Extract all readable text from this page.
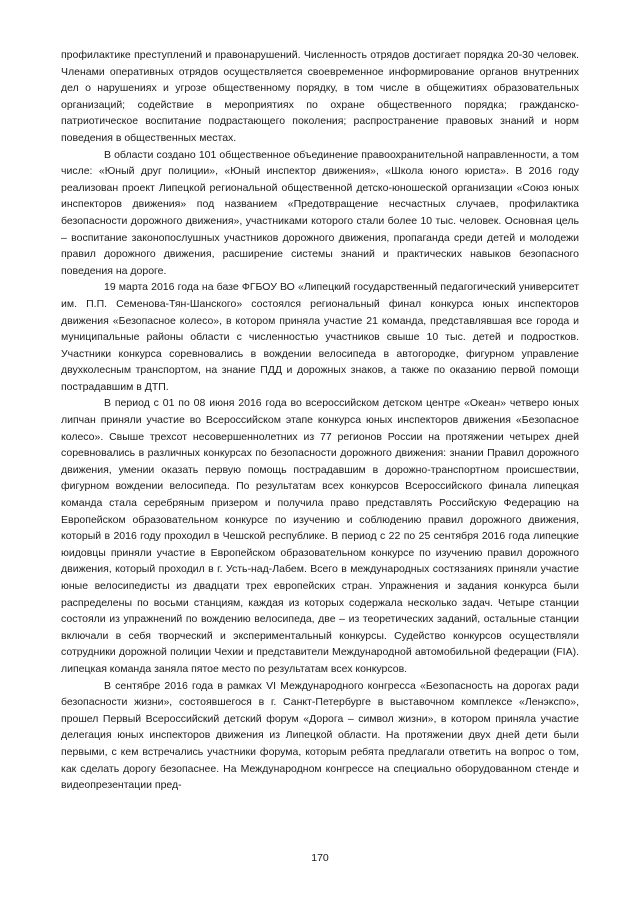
профилактике преступлений и правонарушений. Численность отрядов достигает порядка 20-30 человек. Членами оперативных отрядов осуществляется своевременное информирование органов внутренних дел о нарушениях и угрозе общественному порядку, в том числе в общежитиях образовательных организаций; содействие в мероприятиях по охране общественного порядка; гражданско-патриотическое воспитание подрастающего поколения; распространение правовых знаний и норм поведения в общественных местах.

В области создано 101 общественное объединение правоохранительной направленности, а том числе: «Юный друг полиции», «Юный инспектор движения», «Школа юного юриста». В 2016 году реализован проект Липецкой региональной общественной детско-юношеской организации «Союз юных инспекторов движения» под названием «Предотвращение несчастных случаев, профилактика безопасности дорожного движения», участниками которого стали более 10 тыс. человек. Основная цель – воспитание законопослушных участников дорожного движения, пропаганда среди детей и молодежи правил дорожного движения, расширение системы знаний и практических навыков безопасного поведения на дороге.

19 марта 2016 года на базе ФГБОУ ВО «Липецкий государственный педагогический университет им. П.П. Семенова-Тян-Шанского» состоялся региональный финал конкурса юных инспекторов движения «Безопасное колесо», в котором приняла участие 21 команда, представлявшая все города и муниципальные районы области с численностью участников свыше 10 тыс. детей и подростков. Участники конкурса соревновались в вождении велосипеда в автогородке, фигурном управление двухколесным транспортом, на знание ПДД и дорожных знаков, а также по оказанию первой помощи пострадавшим в ДТП.

В период с 01 по 08 июня 2016 года во всероссийском детском центре «Океан» четверо юных липчан приняли участие во Всероссийском этапе конкурса юных инспекторов движения «Безопасное колесо». Свыше трехсот несовершеннолетних из 77 регионов России на протяжении четырех дней соревновались в различных конкурсах по безопасности дорожного движения: знании Правил дорожного движения, умении оказать первую помощь пострадавшим в дорожно-транспортном происшествии, фигурном вождении велосипеда. По результатам всех конкурсов Всероссийского финала липецкая команда стала серебряным призером и получила право представлять Российскую Федерацию на Европейском образовательном конкурсе по изучению и соблюдению правил дорожного движения, который в 2016 году проходил в Чешской республике. В период с 22 по 25 сентября 2016 года липецкие юидовцы приняли участие в Европейском образовательном конкурсе по изучению правил дорожного движения, который проходил в г. Усть-над-Лабем. Всего в международных состязаниях приняли участие юные велосипедисты из двадцати трех европейских стран. Упражнения и задания конкурса были распределены по восьми станциям, каждая из которых содержала несколько задач. Четыре станции состояли из упражнений по вождению велосипеда, две – из теоретических заданий, остальные станции включали в себя творческий и экспериментальный конкурсы. Судейство конкурсов осуществляли сотрудники дорожной полиции Чехии и представители Международной автомобильной федерации (FIA). липецкая команда заняла пятое место по результатам всех конкурсов.

В сентябре 2016 года в рамках VI Международного конгресса «Безопасность на дорогах ради безопасности жизни», состоявшегося в г. Санкт-Петербурге в выставочном комплексе «Ленэкспо», прошел Первый Всероссийский детский форум «Дорога – символ жизни», в котором приняла участие делегация юных инспекторов движения из Липецкой области. На протяжении двух дней дети были первыми, с кем встречались участники форума, которым ребята предлагали ответить на вопрос о том, как сделать дорогу безопаснее. На Международном конгрессе на специально оборудованном стенде и видеопрезентации пред-

170
